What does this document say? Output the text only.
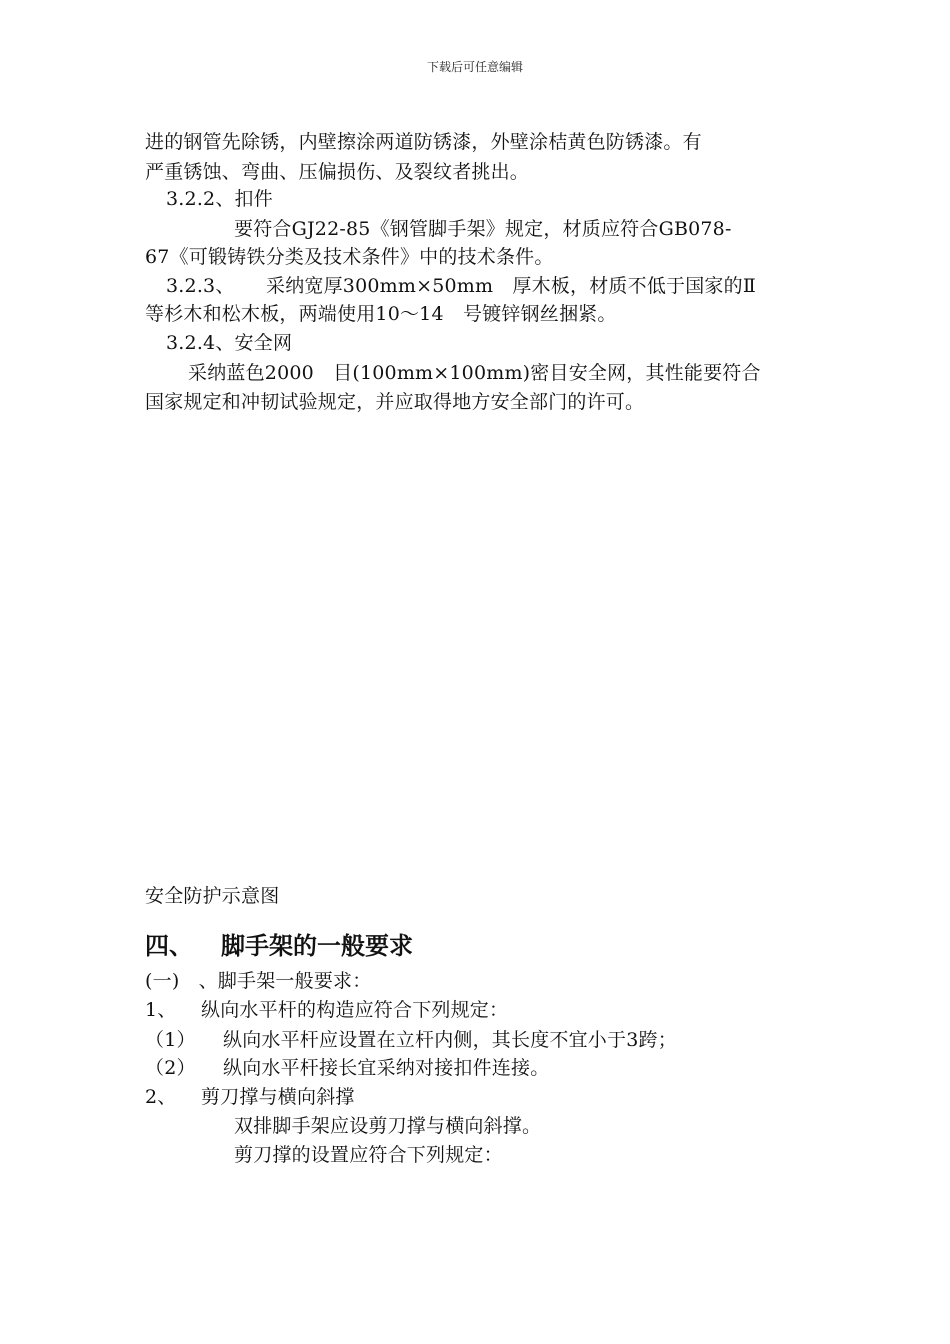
下载后可任意编辑
进的钢管先除锈，内壁擦涂两道防锈漆，外壁涂桔黄色防锈漆。有
严重锈蚀、弯曲、压偏损伤、及裂纹者挑出。
3.2.2、扣件
要符合GJ22-85《钢管脚手架》规定，材质应符合GB078-
67《可锻铸铁分类及技术条件》中的技术条件。
3.2.3、 采纳宽厚300mm×50mm　厚木板，材质不低于国家的Ⅱ
等杉木和松木板，两端使用10～14　号镀锌钢丝捆紧。
3.2.4、安全网
采纳蓝色2000　目(100mm×100mm)密目安全网，其性能要符合
国家规定和冲韧试验规定，并应取得地方安全部门的许可。
安全防护示意图
四、 脚手架的一般要求
(一)　、脚手架一般要求：
1、 纵向水平杆的构造应符合下列规定：
（1） 纵向水平杆应设置在立杆内侧，其长度不宜小于3跨；
（2） 纵向水平杆接长宜采纳对接扣件连接。
2、 剪刀撑与横向斜撑
双排脚手架应设剪刀撑与横向斜撑。
剪刀撑的设置应符合下列规定：
